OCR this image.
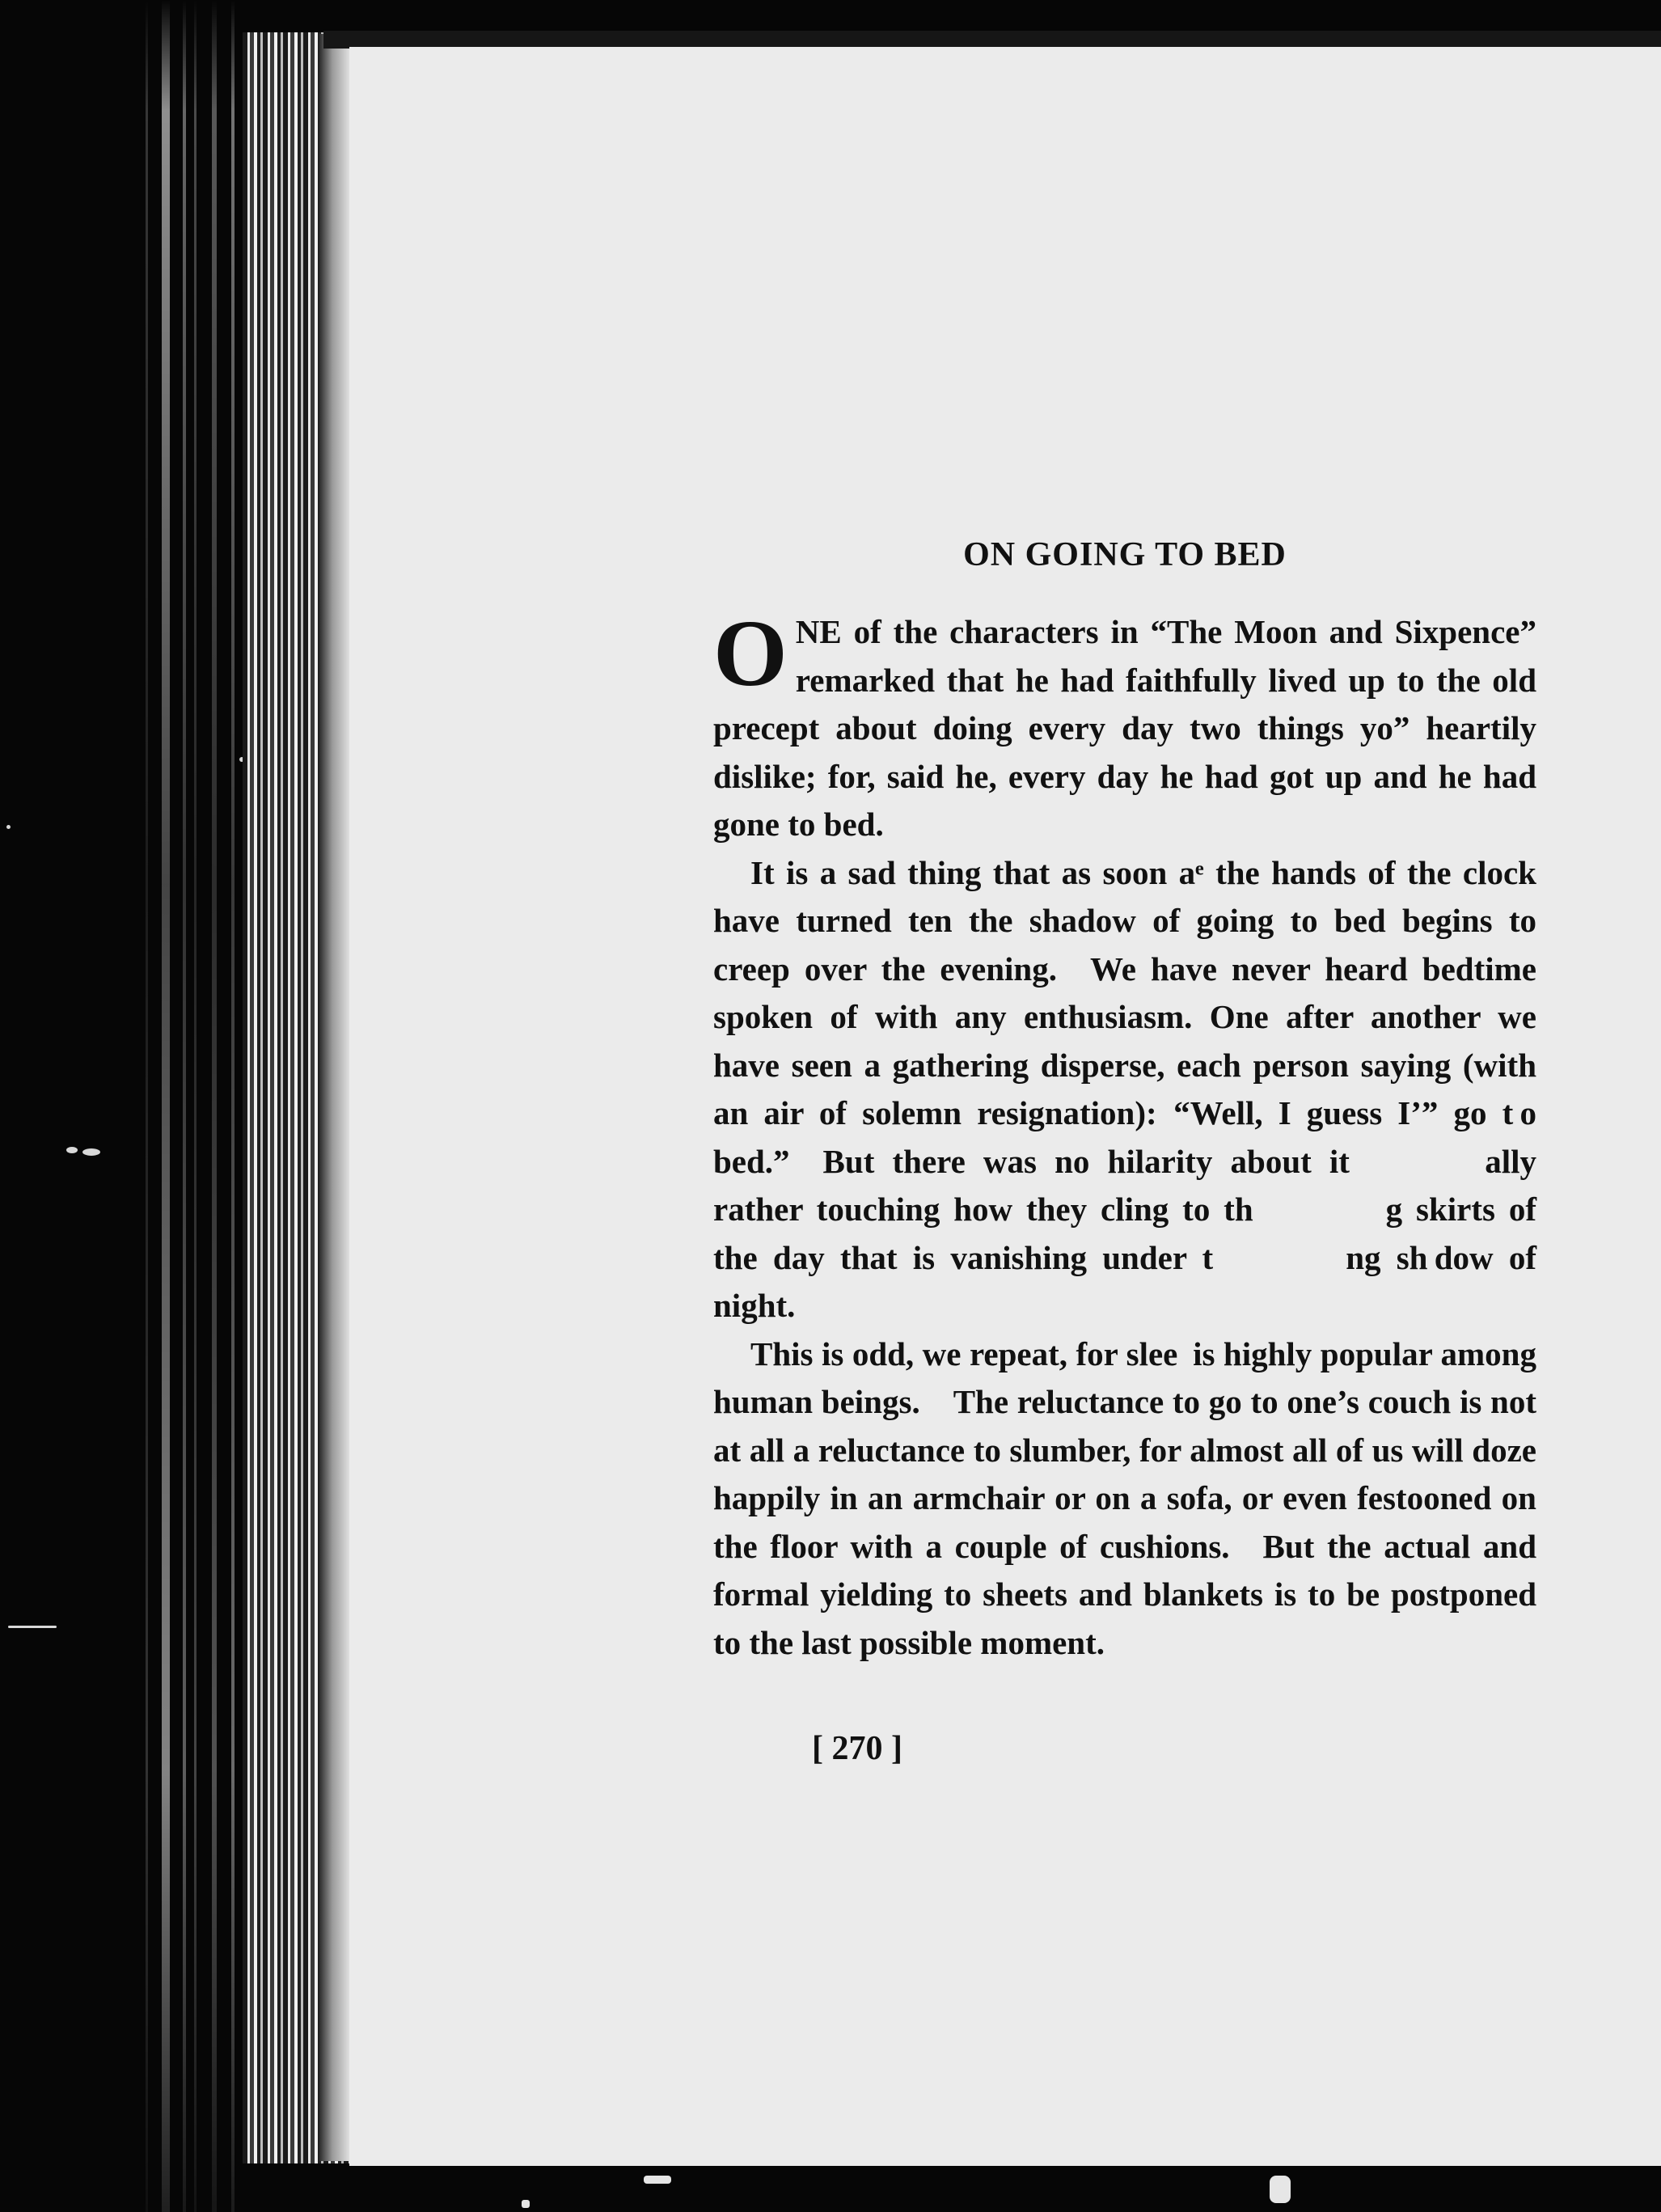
ON GOING TO BED

O NE of the characters in “The Moon and Sixpence” remarked that he had faithfully lived up to the old precept about doing every day two things yo” heartily dislike; for, said he, every day he had got up and he had gone to bed.

It is a sad thing that as soon aᵉ the hands of the clock have turned ten the shadow of going to bed begins to creep over the evening. We have never heard bedtime spoken of with any enthusiasm. One after another we have seen a gathering disperse, each person saying (with an air of solemn resignation): “Well, I guess I’” go t o bed.” But there was no hilarity about it     ally rather touching how they cling to th    g skirts of the day that is vanishing under t    ng sh dow of night.

This is odd, we repeat, for slee  is highly popular among human beings. The reluctance to go to one’s couch is not at all a reluctance to slumber, for almost all of us will doze happily in an armchair or on a sofa, or even festooned on the floor with a couple of cushions. But the actual and formal yielding to sheets and blankets is to be postponed to the last possible moment.

[ 270 ]
